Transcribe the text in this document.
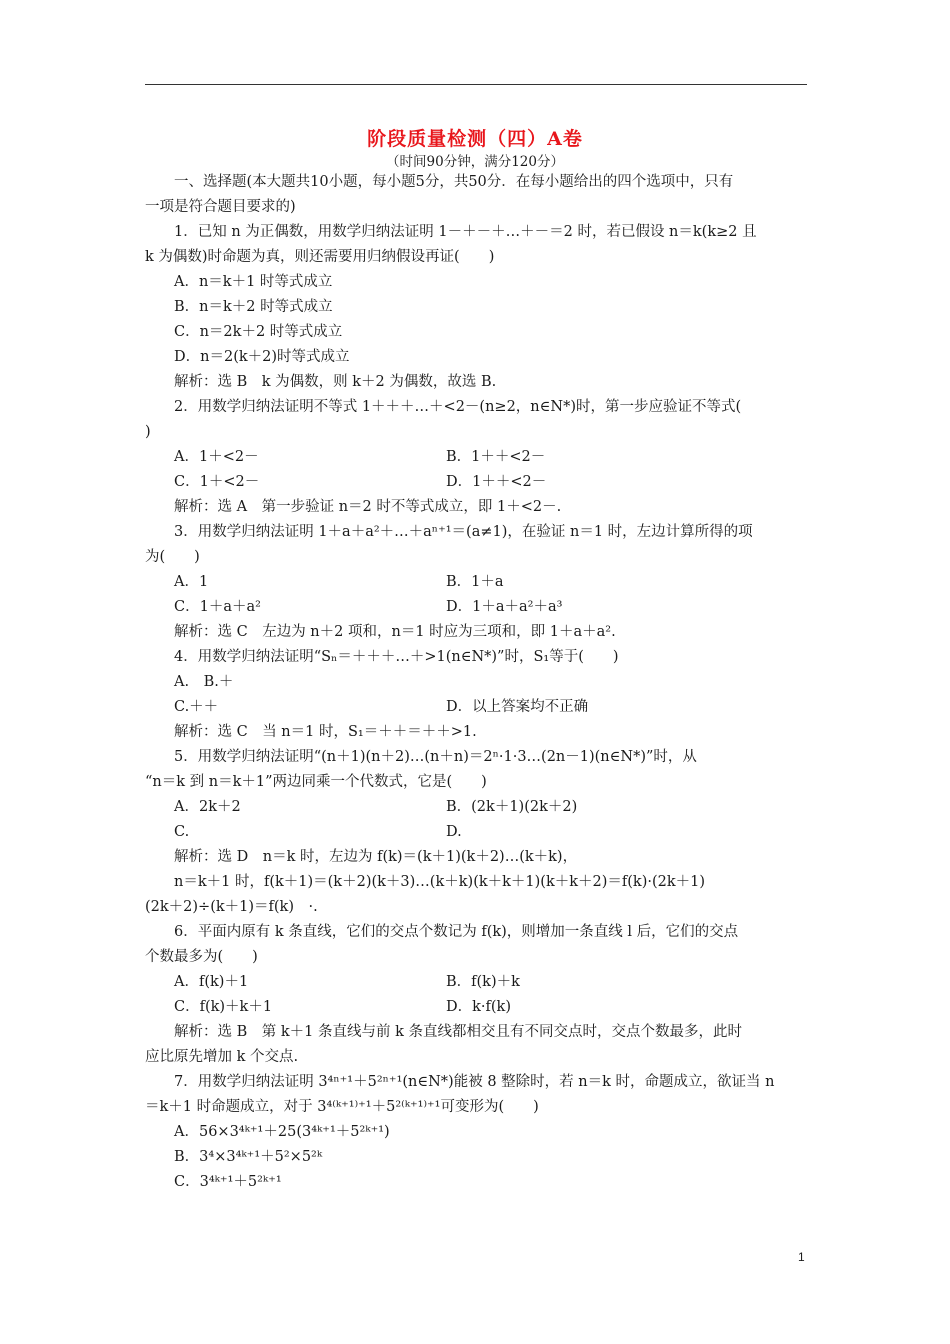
阶段质量检测（四）A卷
（时间90分钟，满分120分）
一、选择题(本大题共10小题，每小题5分，共50分．在每小题给出的四个选项中，只有
一项是符合题目要求的)
1．已知 n 为正偶数，用数学归纳法证明 1－＋－＋…＋－＝2 时，若已假设 n＝k(k≥2 且
k 为偶数)时命题为真，则还需要用归纳假设再证(　　)
A．n＝k＋1 时等式成立
B．n＝k＋2 时等式成立
C．n＝2k＋2 时等式成立
D．n＝2(k＋2)时等式成立
解析：选 B　k 为偶数，则 k＋2 为偶数，故选 B.
2．用数学归纳法证明不等式 1＋＋＋…＋<2－(n≥2，n∈N*)时，第一步应验证不等式(
)
A．1＋<2－	B．1＋＋<2－
C．1＋<2－	D．1＋＋<2－
解析：选 A　第一步验证 n＝2 时不等式成立，即 1＋<2－.
3．用数学归纳法证明 1＋a＋a²＋…＋aⁿ⁺¹＝(a≠1)，在验证 n＝1 时，左边计算所得的项
为(　　)
A．1	B．1＋a
C．1＋a＋a²	D．1＋a＋a²＋a³
解析：选 C　左边为 n＋2 项和，n＝1 时应为三项和，即 1＋a＋a².
4．用数学归纳法证明“Sₙ＝＋＋＋…＋>1(n∈N*)”时，S₁等于(　　)
A.　B.＋
C.＋＋	D．以上答案均不正确
解析：选 C　当 n＝1 时，S₁＝＋＋＝＋＋>1.
5．用数学归纳法证明“(n＋1)(n＋2)…(n＋n)＝2ⁿ·1·3…(2n－1)(n∈N*)”时，从
“n＝k 到 n＝k＋1”两边同乘一个代数式，它是(　　)
A．2k＋2	B．(2k＋1)(2k＋2)
C.	D.
解析：选 D　n＝k 时，左边为 f(k)＝(k＋1)(k＋2)…(k＋k)，
n＝k＋1 时，f(k＋1)＝(k＋2)(k＋3)…(k＋k)(k＋k＋1)(k＋k＋2)＝f(k)·(2k＋1)
(2k＋2)÷(k＋1)＝f(k)　·.
6．平面内原有 k 条直线，它们的交点个数记为 f(k)，则增加一条直线 l 后，它们的交点
个数最多为(　　)
A．f(k)＋1	B．f(k)＋k
C．f(k)＋k＋1	D．k·f(k)
解析：选 B　第 k＋1 条直线与前 k 条直线都相交且有不同交点时，交点个数最多，此时
应比原先增加 k 个交点.
7．用数学归纳法证明 3⁴ⁿ⁺¹＋5²ⁿ⁺¹(n∈N*)能被 8 整除时，若 n＝k 时，命题成立，欲证当 n
＝k＋1 时命题成立，对于 3⁴⁽ᵏ⁺¹⁾⁺¹＋5²⁽ᵏ⁺¹⁾⁺¹可变形为(　　)
A．56×3⁴ᵏ⁺¹＋25(3⁴ᵏ⁺¹＋5²ᵏ⁺¹)
B．3⁴×3⁴ᵏ⁺¹＋5²×5²ᵏ
C．3⁴ᵏ⁺¹＋5²ᵏ⁺¹
1
